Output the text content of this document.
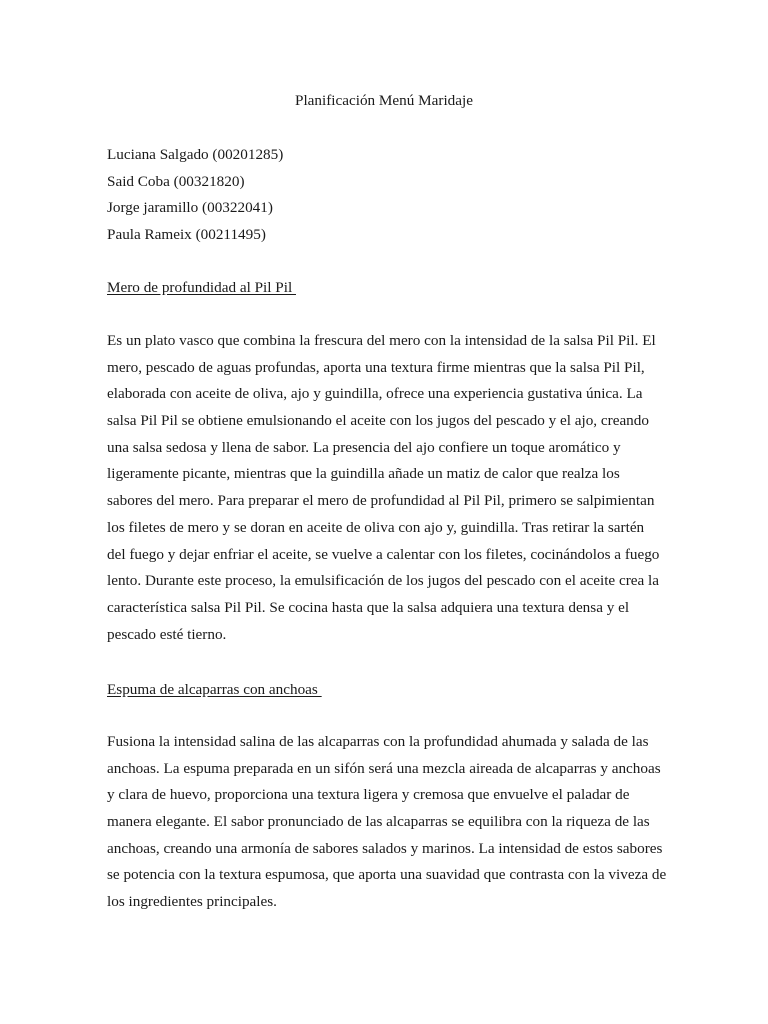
Planificación Menú Maridaje
Luciana Salgado (00201285)
Said Coba (00321820)
Jorge jaramillo (00322041)
Paula Rameix (00211495)
Mero de profundidad al Pil Pil

Es un plato vasco que combina la frescura del mero con la intensidad de la salsa Pil Pil. El
mero, pescado de aguas profundas, aporta una textura firme mientras que la salsa Pil Pil,
elaborada con aceite de oliva, ajo y guindilla, ofrece una experiencia gustativa única. La
salsa Pil Pil se obtiene emulsionando el aceite con los jugos del pescado y el ajo, creando
una salsa sedosa y llena de sabor. La presencia del ajo confiere un toque aromático y
ligeramente picante, mientras que la guindilla añade un matiz de calor que realza los
sabores del mero. Para preparar el mero de profundidad al Pil Pil, primero se salpimientan
los filetes de mero y se doran en aceite de oliva con ajo y, guindilla. Tras retirar la sartén
del fuego y dejar enfriar el aceite, se vuelve a calentar con los filetes, cocinándolos a fuego
lento. Durante este proceso, la emulsificación de los jugos del pescado con el aceite crea la
característica salsa Pil Pil. Se cocina hasta que la salsa adquiera una textura densa y el
pescado esté tierno.

Espuma de alcaparras con anchoas

Fusiona la intensidad salina de las alcaparras con la profundidad ahumada y salada de las
anchoas. La espuma preparada en un sifón será una mezcla aireada de alcaparras y anchoas
y clara de huevo, proporciona una textura ligera y cremosa que envuelve el paladar de
manera elegante. El sabor pronunciado de las alcaparras se equilibra con la riqueza de las
anchoas, creando una armonía de sabores salados y marinos. La intensidad de estos sabores
se potencia con la textura espumosa, que aporta una suavidad que contrasta con la viveza de
los ingredientes principales.
